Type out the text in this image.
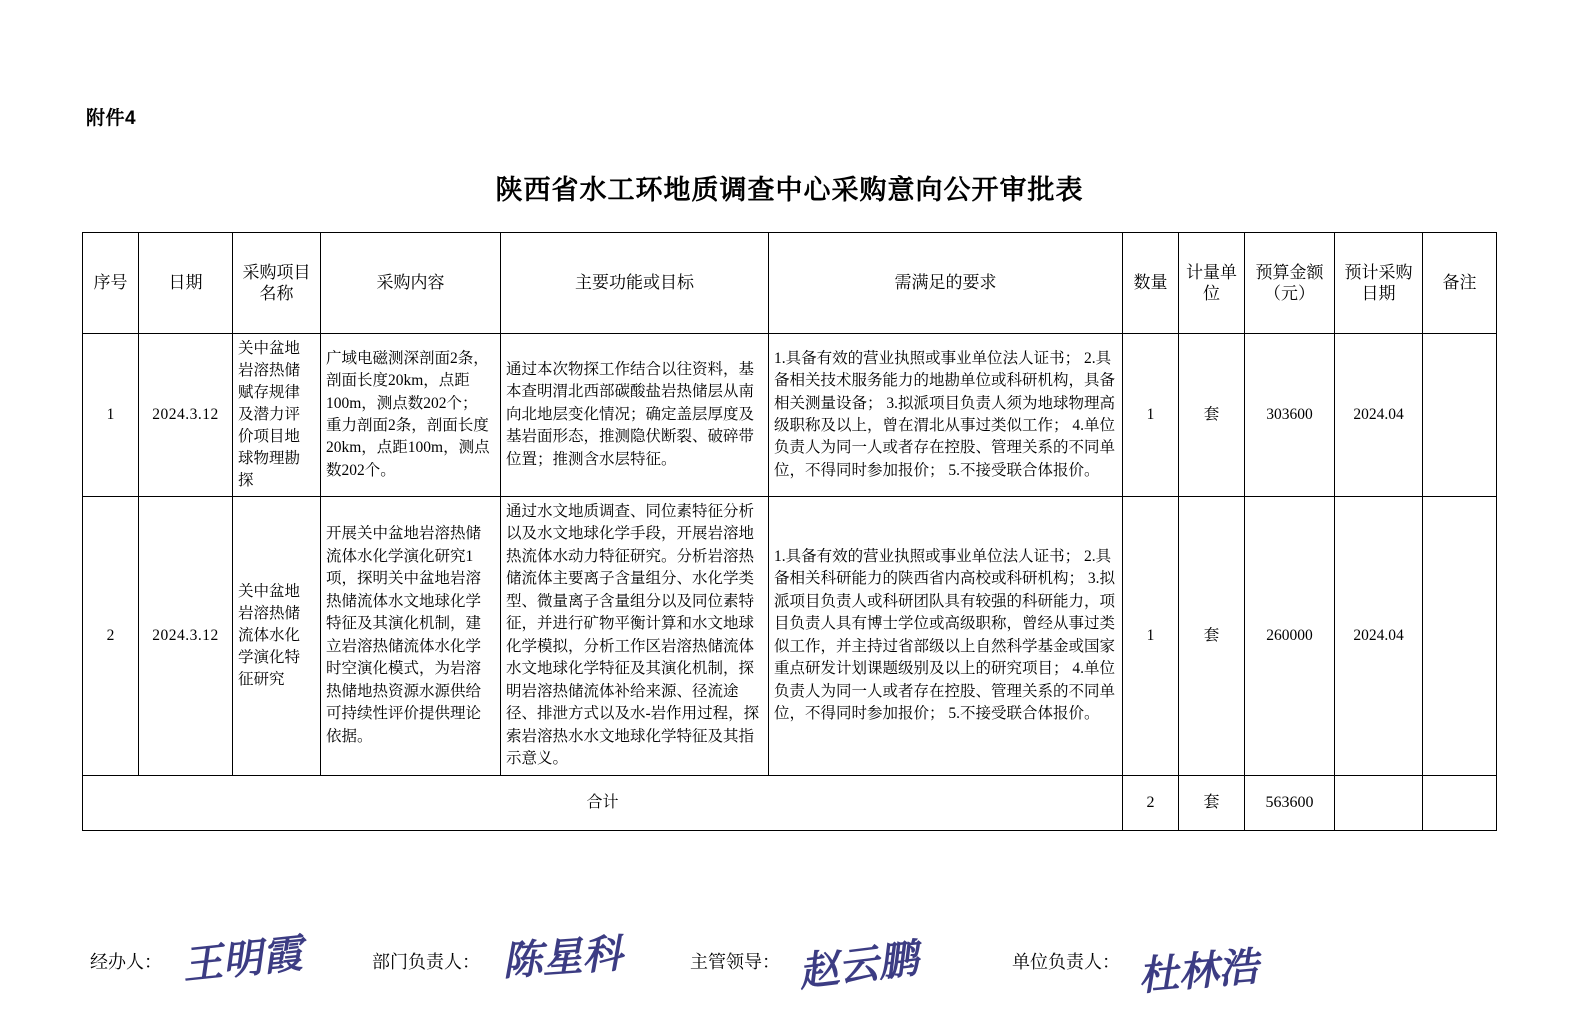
附件4
陕西省水工环地质调查中心采购意向公开审批表
序号	日期	采购项目名称	采购内容	主要功能或目标	需满足的要求	数量	计量单位	预算金额（元）	预计采购日期	备注
1	2024.3.12	关中盆地岩溶热储赋存规律及潜力评价项目地球物理勘探	广域电磁测深剖面2条，剖面长度20km，点距100m，测点数202个； 重力剖面2条，剖面长度20km，点距100m，测点数202个。	通过本次物探工作结合以往资料，基本查明渭北西部碳酸盐岩热储层从南向北地层变化情况；确定盖层厚度及基岩面形态，推测隐伏断裂、破碎带位置；推测含水层特征。	1.具备有效的营业执照或事业单位法人证书； 2.具备相关技术服务能力的地勘单位或科研机构，具备相关测量设备； 3.拟派项目负责人须为地球物理高级职称及以上，曾在渭北从事过类似工作； 4.单位负责人为同一人或者存在控股、管理关系的不同单位，不得同时参加报价； 5.不接受联合体报价。	1	套	303600	2024.04	
2	2024.3.12	关中盆地岩溶热储流体水化学演化特征研究	开展关中盆地岩溶热储流体水化学演化研究1项，探明关中盆地岩溶热储流体水文地球化学特征及其演化机制，建立岩溶热储流体水化学时空演化模式，为岩溶热储地热资源水源供给可持续性评价提供理论依据。	通过水文地质调查、同位素特征分析以及水文地球化学手段，开展岩溶地热流体水动力特征研究。分析岩溶热储流体主要离子含量组分、水化学类型、微量离子含量组分以及同位素特征，并进行矿物平衡计算和水文地球化学模拟，分析工作区岩溶热储流体水文地球化学特征及其演化机制，探明岩溶热储流体补给来源、径流途径、排泄方式以及水-岩作用过程，探索岩溶热水水文地球化学特征及其指示意义。	1.具备有效的营业执照或事业单位法人证书； 2.具备相关科研能力的陕西省内高校或科研机构； 3.拟派项目负责人或科研团队具有较强的科研能力，项目负责人具有博士学位或高级职称，曾经从事过类似工作，并主持过省部级以上自然科学基金或国家重点研发计划课题级别及以上的研究项目； 4.单位负责人为同一人或者存在控股、管理关系的不同单位，不得同时参加报价； 5.不接受联合体报价。	1	套	260000	2024.04	
合计						2	套	563600		
经办人：	部门负责人：	主管领导：	单位负责人：
王明霞	陈星科	赵云鹏	杜林浩
